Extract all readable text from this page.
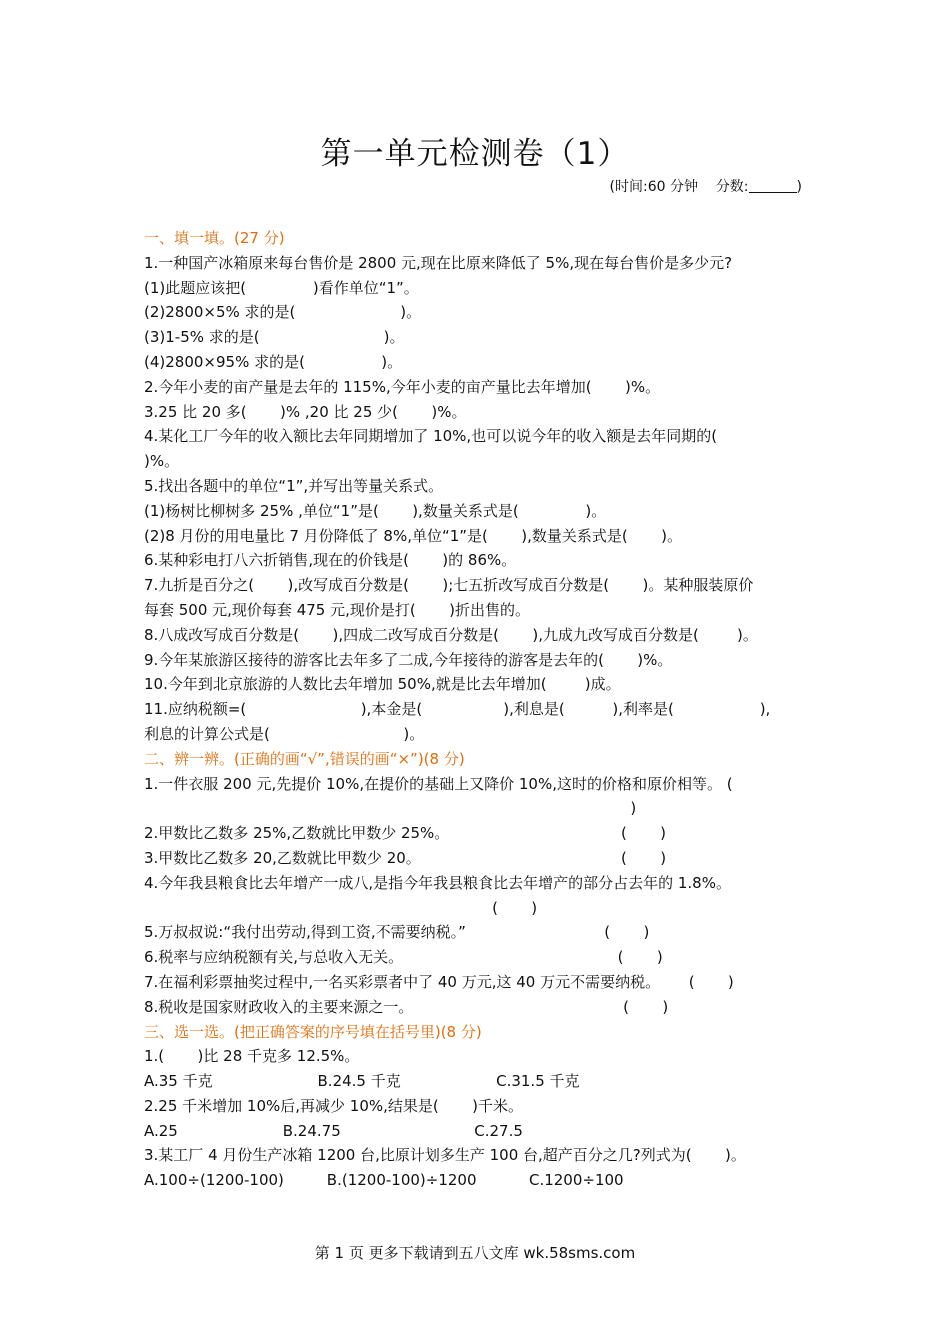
第一单元检测卷（1）
(时间:60 分钟 分数:	)
一、填一填。(27 分)
1.一种国产冰箱原来每台售价是 2800 元,现在比原来降低了 5%,现在每台售价是多少元?
(1)此题应该把(              )看作单位“1”。
(2)2800×5% 求的是(                      )。
(3)1-5% 求的是(                          )。
(4)2800×95% 求的是(                )。
2.今年小麦的亩产量是去年的 115%,今年小麦的亩产量比去年增加(       )%。
3.25 比 20 多(       )% ,20 比 25 少(       )%。
4.某化工厂今年的收入额比去年同期增加了 10%,也可以说今年的收入额是去年同期的(
)%。
5.找出各题中的单位“1”,并写出等量关系式。
(1)杨树比柳树多 25% ,单位“1”是(       ),数量关系式是(              )。
(2)8 月份的用电量比 7 月份降低了 8%,单位“1”是(       ),数量关系式是(       )。
6.某种彩电打八六折销售,现在的价钱是(       )的 86%。
7.九折是百分之(       ),改写成百分数是(       );七五折改写成百分数是(       )。某种服装原价
每套 500 元,现价每套 475 元,现价是打(       )折出售的。
8.八成改写成百分数是(       ),四成二改写成百分数是(       ),九成九改写成百分数是(        )。
9.今年某旅游区接待的游客比去年多了二成,今年接待的游客是去年的(       )%。
10.今年到北京旅游的人数比去年增加 50%,就是比去年增加(        )成。
11.应纳税额=(                        ),本金是(                 ),利息是(          ),利率是(                  ),
利息的计算公式是(                            )。
二、辨一辨。(正确的画“√”,错误的画“×”)(8 分)
1.一件衣服 200 元,先提价 10%,在提价的基础上又降价 10%,这时的价格和原价相等。 (
)
2.甲数比乙数多 25%,乙数就比甲数少 25%。                                    (       )
3.甲数比乙数多 20,乙数就比甲数少 20。                                          (       )
4.今年我县粮食比去年增产一成八,是指今年我县粮食比去年增产的部分占去年的 1.8%。
(       )
5.万叔叔说:“我付出劳动,得到工资,不需要纳税。”                             (       )
6.税率与应纳税额有关,与总收入无关。                                             (       )
7.在福利彩票抽奖过程中,一名买彩票者中了 40 万元,这 40 万元不需要纳税。      (       )
8.税收是国家财政收入的主要来源之一。                                            (       )
三、选一选。(把正确答案的序号填在括号里)(8 分)
1.(       )比 28 千克多 12.5%。
A.35 千克                      B.24.5 千克                    C.31.5 千克
2.25 千米增加 10%后,再减少 10%,结果是(       )千米。
A.25                      B.24.75                            C.27.5
3.某工厂 4 月份生产冰箱 1200 台,比原计划多生产 100 台,超产百分之几?列式为(       )。
A.100÷(1200-100)         B.(1200-100)÷1200           C.1200÷100
第 1 页 更多下载请到五八文库 wk.58sms.com
